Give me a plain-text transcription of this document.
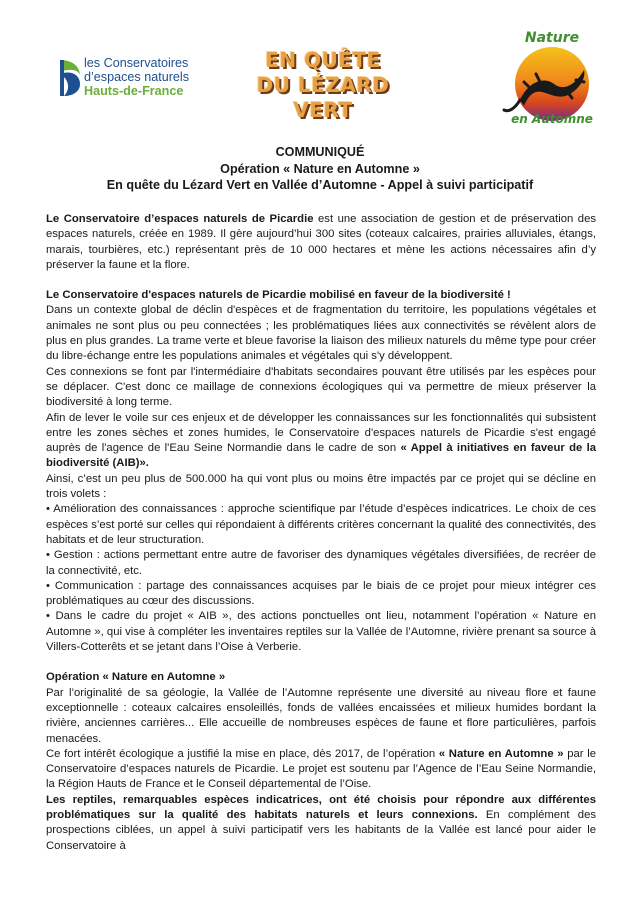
les Conservatoires
d’espaces naturels
Hauts-de-France
EN QUÊTE
DU LÉZARD VERT
Nature
en Automne
COMMUNIQUÉ
Opération « Nature en Automne »
En quête du Lézard Vert en Vallée d’Automne - Appel à suivi participatif

Le Conservatoire d’espaces naturels de Picardie est une association de gestion et de préservation des espaces naturels, créée en 1989. Il gère aujourd’hui 300 sites (coteaux calcaires, prairies alluviales, étangs, marais, tourbières, etc.) représentant près de 10 000 hectares et mène les actions nécessaires afin d’y préserver la faune et la flore.

Le Conservatoire d'espaces naturels de Picardie mobilisé en faveur de la biodiversité !

Dans un contexte global de déclin d'espèces et de fragmentation du territoire, les populations végétales et animales ne sont plus ou peu connectées ; les problématiques liées aux connectivités se révèlent alors de plus en plus grandes. La trame verte et bleue favorise la liaison des milieux naturels du même type pour créer du libre-échange entre les populations animales et végétales qui s'y développent.

Ces connexions se font par l'intermédiaire d'habitats secondaires pouvant être utilisés par les espèces pour se déplacer. C'est donc ce maillage de connexions écologiques qui va permettre de mieux préserver la biodiversité à long terme.

Afin de lever le voile sur ces enjeux et de développer les connaissances sur les fonctionnalités qui subsistent entre les zones sèches et zones humides, le Conservatoire d'espaces naturels de Picardie s'est engagé auprès de l'agence de l'Eau Seine Normandie dans le cadre de son « Appel à initiatives en faveur de la biodiversité (AIB)».

Ainsi, c’est un peu plus de 500.000 ha qui vont plus ou moins être impactés par ce projet qui se décline en trois volets :

• Amélioration des connaissances : approche scientifique par l’étude d’espèces indicatrices. Le choix de ces espèces s’est porté sur celles qui répondaient à différents critères concernant la qualité des connectivités, des habitats et de leur structuration.
• Gestion : actions permettant entre autre de favoriser des dynamiques végétales diversifiées, de recréer de la connectivité, etc.
• Communication : partage des connaissances acquises par le biais de ce projet pour mieux intégrer ces problématiques au cœur des discussions.
• Dans le cadre du projet « AIB », des actions ponctuelles ont lieu, notamment l’opération « Nature en Automne », qui vise à compléter les inventaires reptiles sur la Vallée de l’Automne, rivière prenant sa source à Villers-Cotterêts et se jetant dans l’Oise à Verberie.

Opération « Nature en Automne »

Par l’originalité de sa géologie, la Vallée de l’Automne représente une diversité au niveau flore et faune exceptionnelle : coteaux calcaires ensoleillés, fonds de vallées encaissées et milieux humides bordant la rivière, anciennes carrières... Elle accueille de nombreuses espèces de faune et flore particulières, parfois menacées.

Ce fort intérêt écologique a justifié la mise en place, dès 2017, de l’opération « Nature en Automne » par le Conservatoire d’espaces naturels de Picardie. Le projet est soutenu par l’Agence de l’Eau Seine Normandie, la Région Hauts de France et le Conseil départemental de l’Oise.

Les reptiles, remarquables espèces indicatrices, ont été choisis pour répondre aux différentes problématiques sur la qualité des habitats naturels et leurs connexions. En complément des prospections ciblées, un appel à suivi participatif vers les habitants de la Vallée est lancé pour aider le Conservatoire à
